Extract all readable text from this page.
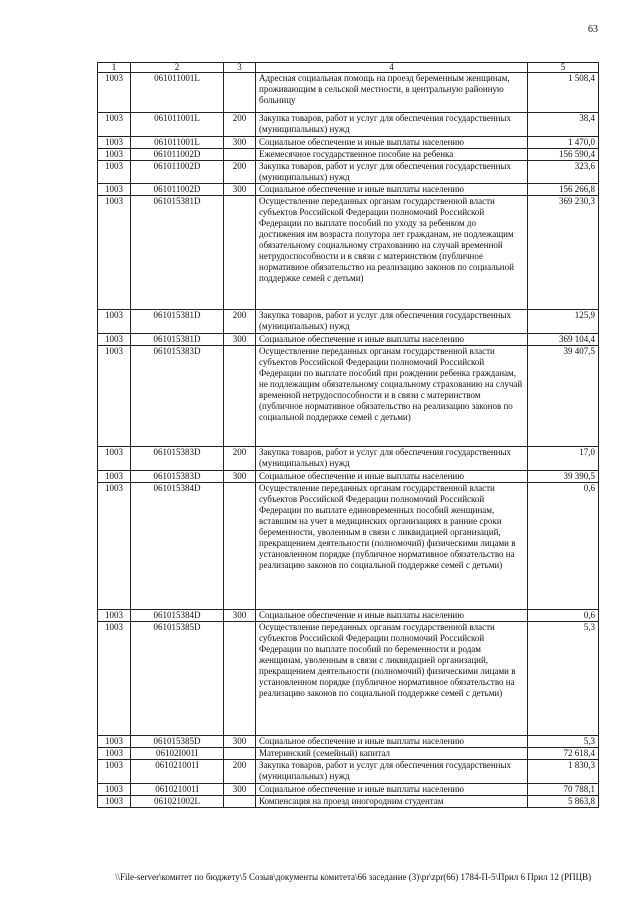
63
1	2	3	4	5
1003	061011001L		Адресная социальная помощь на проезд беременным женщинам, проживающим в сельской местности, в центральную районную больницу	1 508,4
1003	061011001L	200	Закупка товаров, работ и услуг для обеспечения государственных (муниципальных) нужд	38,4
1003	061011001L	300	Социальное обеспечение и иные выплаты населению	1 470,0
1003	061011002D		Ежемесячное государственное пособие на ребенка	156 590,4
1003	061011002D	200	Закупка товаров, работ и услуг для обеспечения государственных (муниципальных) нужд	323,6
1003	061011002D	300	Социальное обеспечение и иные выплаты населению	156 266,8
1003	061015381D		Осуществление переданных органам государственной власти субъектов Российской Федерации полномочий Российской Федерации по выплате пособий по уходу за ребенком до достижения им возраста полутора лет гражданам, не подлежащим обязательному социальному страхованию на случай временной нетрудоспособности и в связи с материнством (публичное нормативное обязательство на реализацию законов по социальной поддержке семей с детьми)	369 230,3
1003	061015381D	200	Закупка товаров, работ и услуг для обеспечения государственных (муниципальных) нужд	125,9
1003	061015381D	300	Социальное обеспечение и иные выплаты населению	369 104,4
1003	061015383D		Осуществление переданных органам государственной власти субъектов Российской Федерации полномочий Российской Федерации по выплате пособий при рождении ребенка гражданам, не подлежащим обязательному социальному страхованию на случай временной нетрудоспособности и в связи с материнством (публичное нормативное обязательство на реализацию законов по социальной поддержке семей с детьми)	39 407,5
1003	061015383D	200	Закупка товаров, работ и услуг для обеспечения государственных (муниципальных) нужд	17,0
1003	061015383D	300	Социальное обеспечение и иные выплаты населению	39 390,5
1003	061015384D		Осуществление переданных органам государственной власти субъектов Российской Федерации полномочий Российской Федерации по выплате единовременных пособий женщинам, вставшим на учет в медицинских организациях в ранние сроки беременности, уволенным в связи с ликвидацией организаций, прекращением деятельности (полномочий) физическими лицами в установленном порядке (публичное нормативное обязательство на реализацию законов по социальной поддержке семей с детьми)	0,6
1003	061015384D	300	Социальное обеспечение и иные выплаты населению	0,6
1003	061015385D		Осуществление переданных органам государственной власти субъектов Российской Федерации полномочий Российской Федерации по выплате пособий по беременности и родам женщинам, уволенным в связи с ликвидацией организаций, прекращением деятельности (полномочий) физическими лицами в установленном порядке (публичное нормативное обязательство на реализацию законов по социальной поддержке семей с детьми)	5,3
1003	061015385D	300	Социальное обеспечение и иные выплаты населению	5,3
1003	06102I001I		Материнский (семейный) капитал	72 618,4
1003	061021001I	200	Закупка товаров, работ и услуг для обеспечения государственных (муниципальных) нужд	1 830,3
1003	061021001I	300	Социальное обеспечение и иные выплаты населению	70 788,1
1003	061021002L		Компенсация на проезд иногородним студентам	5 863,8
\\File-server\комитет по бюджету\5 Созыв\документы комитета\66 заседание (3)\pr\zpr(66) 1784-П-5\Прил 6 Прил 12 (РПЦВ)
